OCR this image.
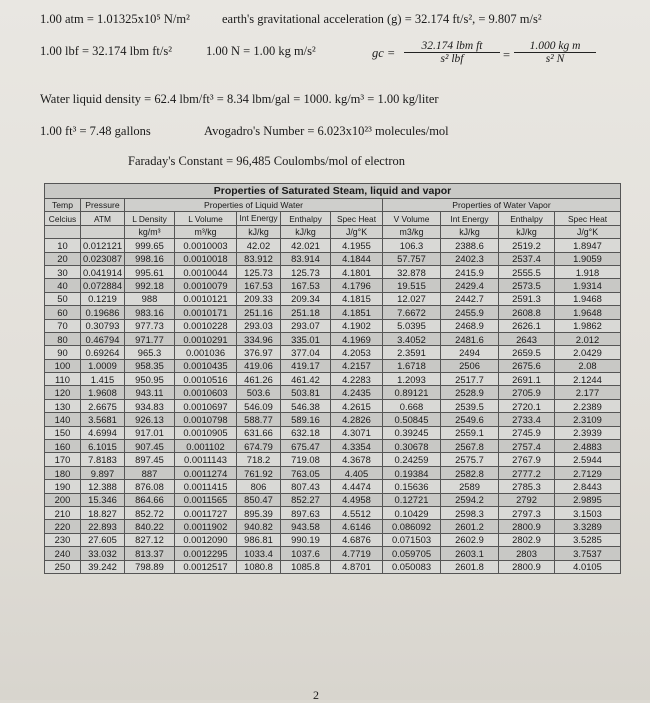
1.00 atm = 1.01325x10⁵ N/m²	earth's gravitational acceleration (g) = 32.174 ft/s², = 9.807 m/s²
1.00 lbf = 32.174 lbm ft/s²	1.00 N = 1.00 kg m/s²	gc =	32.174 lbm ft
s² lbf	= $\frac{\text{1.000 kg m}}{\text{s² N}}$
Water liquid density = 62.4 lbm/ft³ = 8.34 lbm/gal = 1000. kg/m³ = 1.00 kg/liter
1.00 ft³ = 7.48 gallons	Avogadro's Number = 6.023x10²³ molecules/mol
Faraday's Constant = 96,485 Coulombs/mol of electron
Properties of Saturated Steam, liquid and vapor										
Temp	Pressure	Properties of Liquid Water					Properties of Water Vapor			
Celcius	ATM	L Density	L Volume	Int Energy	Enthalpy	Spec Heat	V Volume	Int Energy	Enthalpy	Spec Heat
		kg/m³	m³/kg	kJ/kg	kJ/kg	J/g°K	m3/kg	kJ/kg	kJ/kg	J/g°K
10	0.012121	999.65	0.0010003	42.02	42.021	4.1955	106.3	2388.6	2519.2	1.8947
20	0.023087	998.16	0.0010018	83.912	83.914	4.1844	57.757	2402.3	2537.4	1.9059
30	0.041914	995.61	0.0010044	125.73	125.73	4.1801	32.878	2415.9	2555.5	1.918
40	0.072884	992.18	0.0010079	167.53	167.53	4.1796	19.515	2429.4	2573.5	1.9314
50	0.1219	988	0.0010121	209.33	209.34	4.1815	12.027	2442.7	2591.3	1.9468
60	0.19686	983.16	0.0010171	251.16	251.18	4.1851	7.6672	2455.9	2608.8	1.9648
70	0.30793	977.73	0.0010228	293.03	293.07	4.1902	5.0395	2468.9	2626.1	1.9862
80	0.46794	971.77	0.0010291	334.96	335.01	4.1969	3.4052	2481.6	2643	2.012
90	0.69264	965.3	0.001036	376.97	377.04	4.2053	2.3591	2494	2659.5	2.0429
100	1.0009	958.35	0.0010435	419.06	419.17	4.2157	1.6718	2506	2675.6	2.08
110	1.415	950.95	0.0010516	461.26	461.42	4.2283	1.2093	2517.7	2691.1	2.1244
120	1.9608	943.11	0.0010603	503.6	503.81	4.2435	0.89121	2528.9	2705.9	2.177
130	2.6675	934.83	0.0010697	546.09	546.38	4.2615	0.668	2539.5	2720.1	2.2389
140	3.5681	926.13	0.0010798	588.77	589.16	4.2826	0.50845	2549.6	2733.4	2.3109
150	4.6994	917.01	0.0010905	631.66	632.18	4.3071	0.39245	2559.1	2745.9	2.3939
160	6.1015	907.45	0.001102	674.79	675.47	4.3354	0.30678	2567.8	2757.4	2.4883
170	7.8183	897.45	0.0011143	718.2	719.08	4.3678	0.24259	2575.7	2767.9	2.5944
180	9.897	887	0.0011274	761.92	763.05	4.405	0.19384	2582.8	2777.2	2.7129
190	12.388	876.08	0.0011415	806	807.43	4.4474	0.15636	2589	2785.3	2.8443
200	15.346	864.66	0.0011565	850.47	852.27	4.4958	0.12721	2594.2	2792	2.9895
210	18.827	852.72	0.0011727	895.39	897.63	4.5512	0.10429	2598.3	2797.3	3.1503
220	22.893	840.22	0.0011902	940.82	943.58	4.6146	0.086092	2601.2	2800.9	3.3289
230	27.605	827.12	0.0012090	986.81	990.19	4.6876	0.071503	2602.9	2802.9	3.5285
240	33.032	813.37	0.0012295	1033.4	1037.6	4.7719	0.059705	2603.1	2803	3.7537
250	39.242	798.89	0.0012517	1080.8	1085.8	4.8701	0.050083	2601.8	2800.9	4.0105
2
